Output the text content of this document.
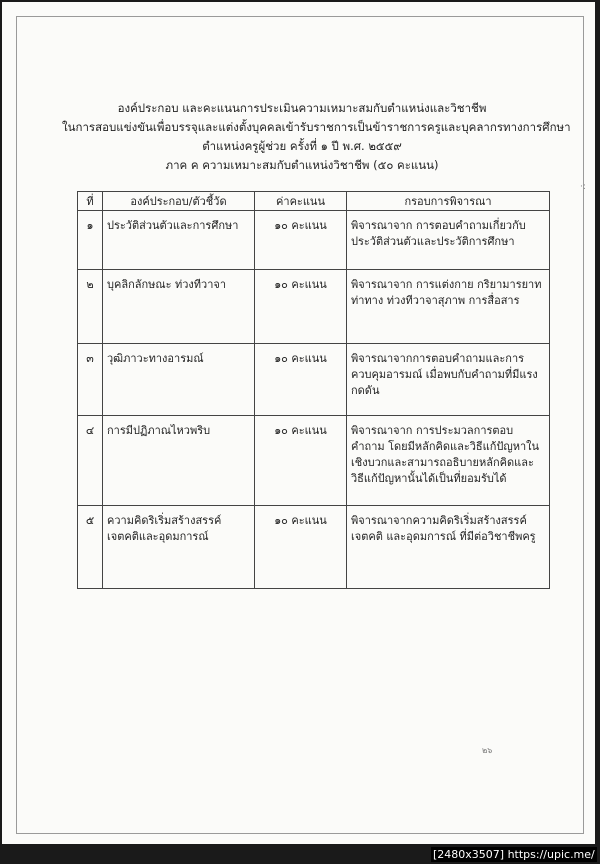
องค์ประกอบ และคะแนนการประเมินความเหมาะสมกับตำแหน่งและวิชาชีพ
ในการสอบแข่งขันเพื่อบรรจุและแต่งตั้งบุคคลเข้ารับราชการเป็นข้าราชการครูและบุคลากรทางการศึกษา
ตำแหน่งครูผู้ช่วย ครั้งที่ ๑ ปี พ.ศ. ๒๕๕๙
ภาค ค ความเหมาะสมกับตำแหน่งวิชาชีพ (๕๐ คะแนน)
·:
ที่	องค์ประกอบ/ตัวชี้วัด	ค่าคะแนน	กรอบการพิจารณา
๑	ประวัติส่วนตัวและการศึกษา	๑๐ คะแนน	พิจารณาจาก การตอบคำถามเกี่ยวกับประวัติส่วนตัวและประวัติการศึกษา
๒	บุคลิกลักษณะ ท่วงทีวาจา	๑๐ คะแนน	พิจารณาจาก การแต่งกาย กริยามารยาทท่าทาง ท่วงทีวาจาสุภาพ การสื่อสาร
๓	วุฒิภาวะทางอารมณ์	๑๐ คะแนน	พิจารณาจากการตอบคำถามและการควบคุมอารมณ์ เมื่อพบกับคำถามที่มีแรงกดดัน
๔	การมีปฏิภาณไหวพริบ	๑๐ คะแนน	พิจารณาจาก การประมวลการตอบคำถาม โดยมีหลักคิดและวิธีแก้ปัญหาในเชิงบวกและสามารถอธิบายหลักคิดและวิธีแก้ปัญหานั้นได้เป็นที่ยอมรับได้
๕	ความคิดริเริ่มสร้างสรรค์ เจตคติและอุดมการณ์	๑๐ คะแนน	พิจารณาจากความคิดริเริ่มสร้างสรรค์ เจตคติ และอุดมการณ์ ที่มีต่อวิชาชีพครู
๒๖
[2480x3507] https://upic.me/
